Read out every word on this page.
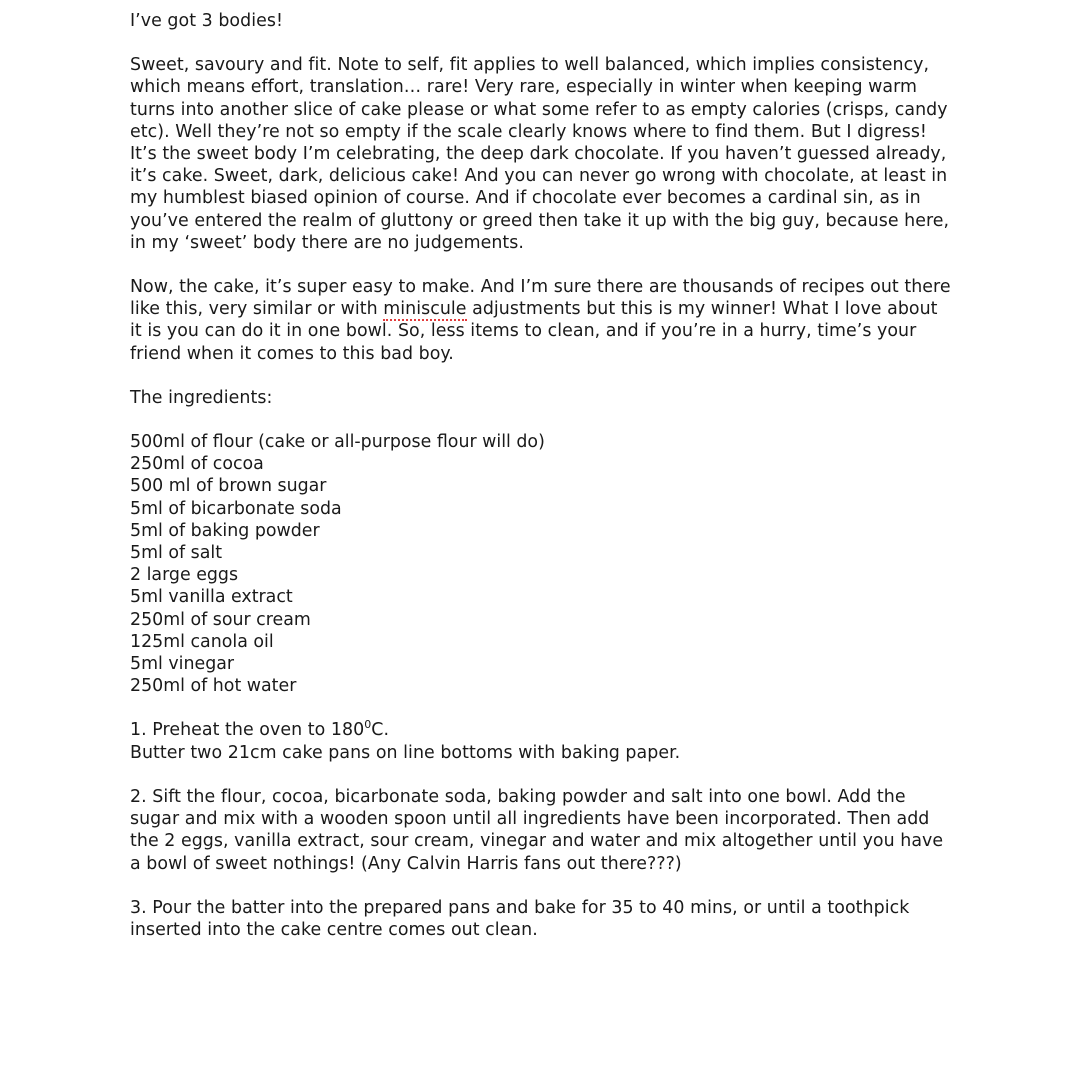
I’ve got 3 bodies!

Sweet, savoury and fit. Note to self, fit applies to well balanced, which implies consistency, which means effort, translation… rare! Very rare, especially in winter when keeping warm turns into another slice of cake please or what some refer to as empty calories (crisps, candy etc). Well they’re not so empty if the scale clearly knows where to find them. But I digress! It’s the sweet body I’m celebrating, the deep dark chocolate. If you haven’t guessed already, it’s cake. Sweet, dark, delicious cake! And you can never go wrong with chocolate, at least in my humblest biased opinion of course. And if chocolate ever becomes a cardinal sin, as in you’ve entered the realm of gluttony or greed then take it up with the big guy, because here, in my ‘sweet’ body there are no judgements.

Now, the cake, it’s super easy to make. And I’m sure there are thousands of recipes out there like this, very similar or with miniscule adjustments but this is my winner! What I love about it is you can do it in one bowl. So, less items to clean, and if you’re in a hurry, time’s your friend when it comes to this bad boy.

The ingredients:

500ml of flour (cake or all-purpose flour will do)
250ml of cocoa
500 ml of brown sugar
5ml of bicarbonate soda
5ml of baking powder
5ml of salt
2 large eggs
5ml vanilla extract
250ml of sour cream
125ml canola oil
5ml vinegar
250ml of hot water

1. Preheat the oven to $180^0C$.
Butter two 21cm cake pans on line bottoms with baking paper.

2. Sift the flour, cocoa, bicarbonate soda, baking powder and salt into one bowl. Add the sugar and mix with a wooden spoon until all ingredients have been incorporated. Then add the 2 eggs, vanilla extract, sour cream, vinegar and water and mix altogether until you have a bowl of sweet nothings! (Any Calvin Harris fans out there???)

3. Pour the batter into the prepared pans and bake for 35 to 40 mins, or until a toothpick inserted into the cake centre comes out clean.
